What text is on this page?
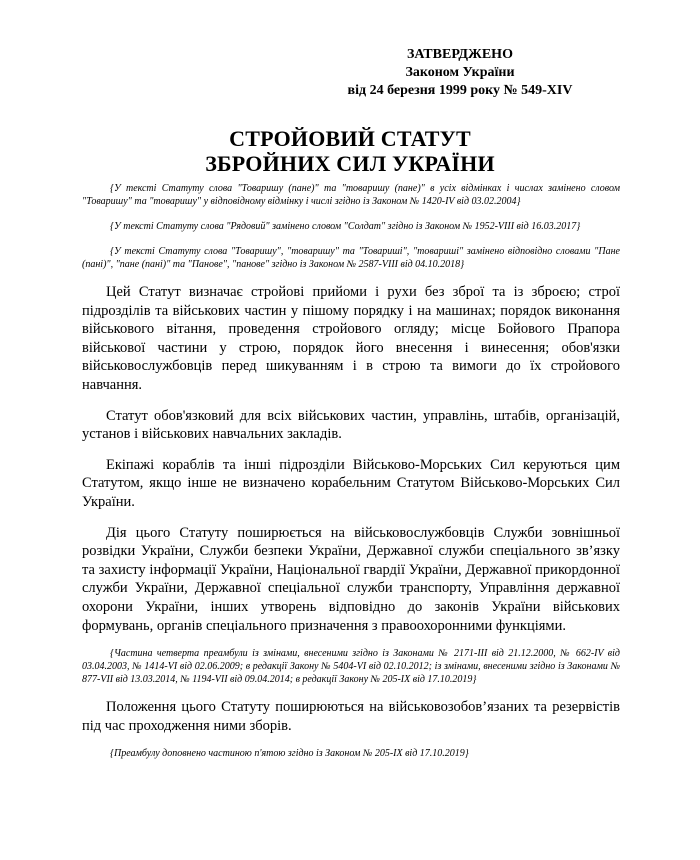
ЗАТВЕРДЖЕНО
Законом України
від 24 березня 1999 року № 549-XIV
СТРОЙОВИЙ СТАТУТ
ЗБРОЙНИХ СИЛ УКРАЇНИ

{У тексті Статуту слова "Товаришу (пане)" та "товаришу (пане)" в усіх відмінках і числах замінено словом "Товаришу" та "товаришу" у відповідному відмінку і числі згідно із Законом № 1420-IV від 03.02.2004}

{У тексті Статуту слова "Рядовий" замінено словом "Солдат" згідно із Законом № 1952-VIII від 16.03.2017}

{У тексті Статуту слова "Товаришу", "товаришу" та "Товариші", "товариші" замінено відповідно словами "Пане (пані)", "пане (пані)" та "Панове", "панове" згідно із Законом № 2587-VIII від 04.10.2018}

Цей Статут визначає стройові прийоми і рухи без зброї та із зброєю; строї підрозділів та військових частин у пішому порядку і на машинах; порядок виконання військового вітання, проведення стройового огляду; місце Бойового Прапора військової частини у строю, порядок його внесення і винесення; обов'язки військовослужбовців перед шикуванням і в строю та вимоги до їх стройового навчання.

Статут обов'язковий для всіх військових частин, управлінь, штабів, організацій, установ і військових навчальних закладів.

Екіпажі кораблів та інші підрозділи Військово-Морських Сил керуються цим Статутом, якщо інше не визначено корабельним Статутом Військово-Морських Сил України.

Дія цього Статуту поширюється на військовослужбовців Служби зовнішньої розвідки України, Служби безпеки України, Державної служби спеціального зв’язку та захисту інформації України, Національної гвардії України, Державної прикордонної служби України, Державної спеціальної служби транспорту, Управління державної охорони України, інших утворень відповідно до законів України військових формувань, органів спеціального призначення з правоохоронними функціями.

{Частина четверта преамбули із змінами, внесеними згідно із Законами № 2171-III від 21.12.2000, № 662-IV від 03.04.2003, № 1414-VI від 02.06.2009; в редакції Закону № 5404-VI від 02.10.2012; із змінами, внесеними згідно із Законами № 877-VII від 13.03.2014, № 1194-VII від 09.04.2014; в редакції Закону № 205-IX від 17.10.2019}

Положення цього Статуту поширюються на військовозобов’язаних та резервістів під час проходження ними зборів.

{Преамбулу доповнено частиною п'ятою згідно із Законом № 205-IX від 17.10.2019}
